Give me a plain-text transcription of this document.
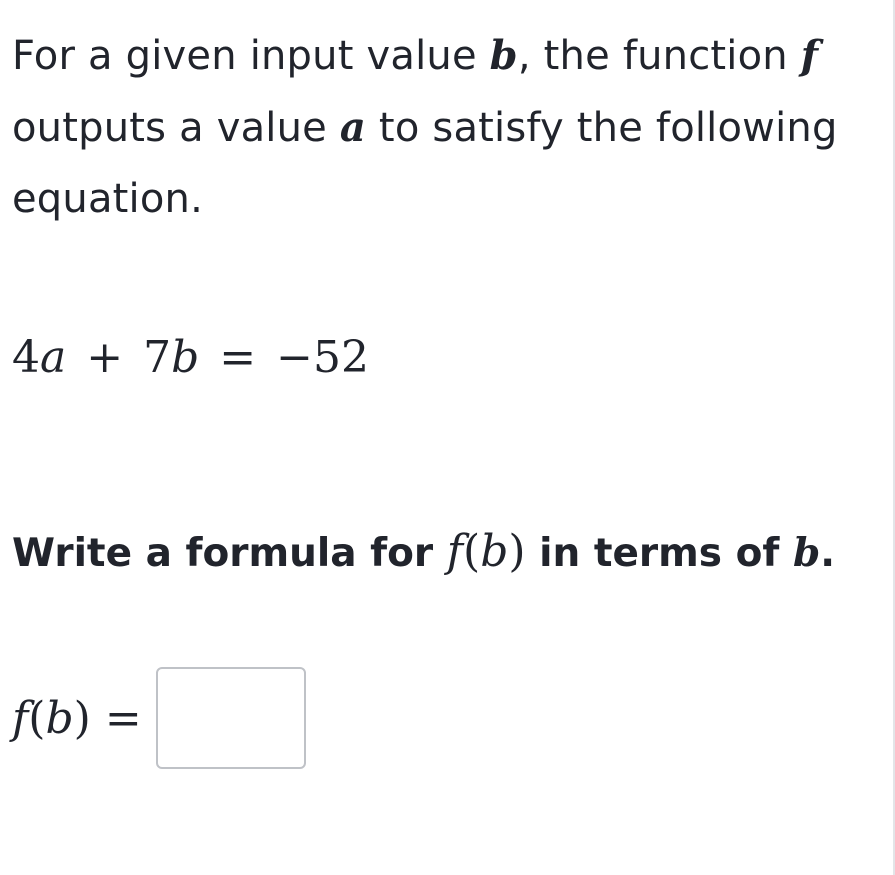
For a given input value b, the function f
outputs a value a to satisfy the following
equation.
4a + 7b = −52
Write a formula for f(b) in terms of b.
f(b) =
